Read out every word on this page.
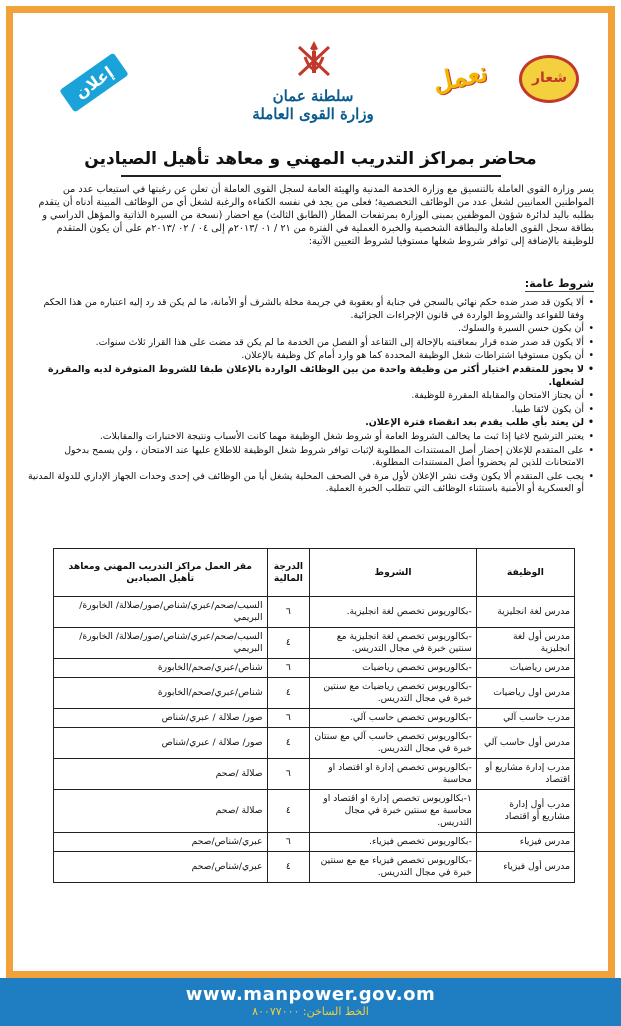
إعلان	سلطنة عمان
وزارة القوى العاملة
نعمل	شعار
محاضر بمراكز التدريب المهني و معاهد تأهيل الصيادين

يسر وزارة القوى العاملة بالتنسيق مع وزارة الخدمة المدنية والهيئة العامة لسجل القوى العاملة أن تعلن عن رغبتها في استيعاب عدد من المواطنين العمانيين لشغل عدد من الوظائف التخصصية؛ فعلى من يجد في نفسه الكفاءة والرغبة لشغل أي من الوظائف المبينة أدناه أن يتقدم بطلبه باليد لدائرة شؤون الموظفين بمبنى الوزارة بمرتفعات المطار (الطابق الثالث) مع احضار (نسخة من السيرة الذاتية والمؤهل الدراسي و بطاقة سجل القوى العاملة والبطاقة الشخصية والخبرة العملية في الفترة من ٢١ / ٠١ /٢٠١٣م إلى ٠٤ / ٠٢ /٢٠١٣م على أن يكون المتقدم للوظيفة بالإضافة إلى توافر شروط شغلها مستوفيا لشروط التعيين الآتية:

شروط عامة:
• ألا يكون قد صدر ضده حكم نهائي بالسجن في جناية أو بعقوبة في جريمة مخلة بالشرف أو الأمانة، ما لم يكن قد رد إليه اعتباره من هذا الحكم وفقا للقواعد والشروط الواردة في قانون الإجراءات الجزائية.
• أن يكون حسن السيرة والسلوك.
• ألا يكون قد صدر ضده قرار بمعاقبته بالإحالة إلى التقاعد أو الفصل من الخدمة ما لم يكن قد مضت على هذا القرار ثلاث سنوات.
• أن يكون مستوفيا اشتراطات شغل الوظيفة المحددة كما هو وارد أمام كل وظيفة بالإعلان.
• لا يجوز للمتقدم اختيار أكثر من وظيفة واحدة من بين الوظائف الواردة بالإعلان طبقا للشروط المتوفرة لديه والمقررة لشغلها.
• أن يجتاز الامتحان والمقابلة المقررة للوظيفة.
• أن يكون لائقا طبيا.
• لن يعتد بأي طلب يقدم بعد انقضاء فترة الإعلان.
• يعتبر الترشيح لاغيا إذا ثبت ما يخالف الشروط العامة أو شروط شغل الوظيفة مهما كانت الأسباب ونتيجة الاختبارات والمقابلات.
• على المتقدم للإعلان إحضار أصل المستندات المطلوبة لإثبات توافر شروط شغل الوظيفة للاطلاع عليها عند الامتحان ، ولن يسمح بدخول الامتحانات للذين لم يحضروا أصل المستندات المطلوبة.
• يجب على المتقدم ألا يكون وقت نشر الإعلان لأول مرة في الصحف المحلية يشغل أيا من الوظائف في إحدى وحدات الجهاز الإداري للدولة المدنية أو العسكرية أو الأمنية باستثناء الوظائف التي تتطلب الخبرة العملية.
الوظيفة	الشروط	الدرجة المالية	مقر العمل مراكز التدريب المهني ومعاهد تأهيل الصيادين
مدرس لغة انجليزية	-بكالوريوس تخصص لغة انجليزية.	٦	السيب/صحم/عبري/شناص/صور/صلالة/ الخابورة/البريمي
مدرس أول لغة انجليزية	-بكالوريوس تخصص لغة انجليزية مع سنتين خبرة في مجال التدريس.	٤	السيب/صحم/عبري/شناص/صور/صلالة/ الخابورة/البريمي
مدرس رياضيات	-بكالوريوس تخصص رياضيات	٦	شناص/عبري/صحم/الخابورة
مدرس اول رياضيات	-بكالوريوس تخصص رياضيات مع سنتين خبرة في مجال التدريس.	٤	شناص/عبري/صحم/الخابورة
مدرب حاسب آلي	-بكالوريوس تخصص حاسب آلي.	٦	صور/ صلالة / عبري/شناص
مدرس أول حاسب آلي	-بكالوريوس تخصص حاسب آلي مع سنتان خبرة في مجال التدريس.	٤	صور/ صلالة / عبري/شناص
مدرب إدارة مشاريع أو اقتصاد	-بكالوريوس تخصص إدارة او اقتصاد او محاسبة	٦	صلالة /صحم
مدرب أول إدارة مشاريع أو اقتصاد	١-بكالوريوس تخصص إدارة او اقتصاد او محاسبة مع سنتين خبرة في مجال التدريس.	٤	صلالة /صحم
مدرس فيزياء	-بكالوريوس تخصص فيزياء.	٦	عبري/شناص/صحم
مدرس أول فيزياء	-بكالوريوس تخصص فيزياء مع مع سنتين خبرة في مجال التدريس.	٤	عبري/شناص/صحم
www.manpower.gov.om
الخط الساخن: ٨٠٠٧٧٠٠٠
